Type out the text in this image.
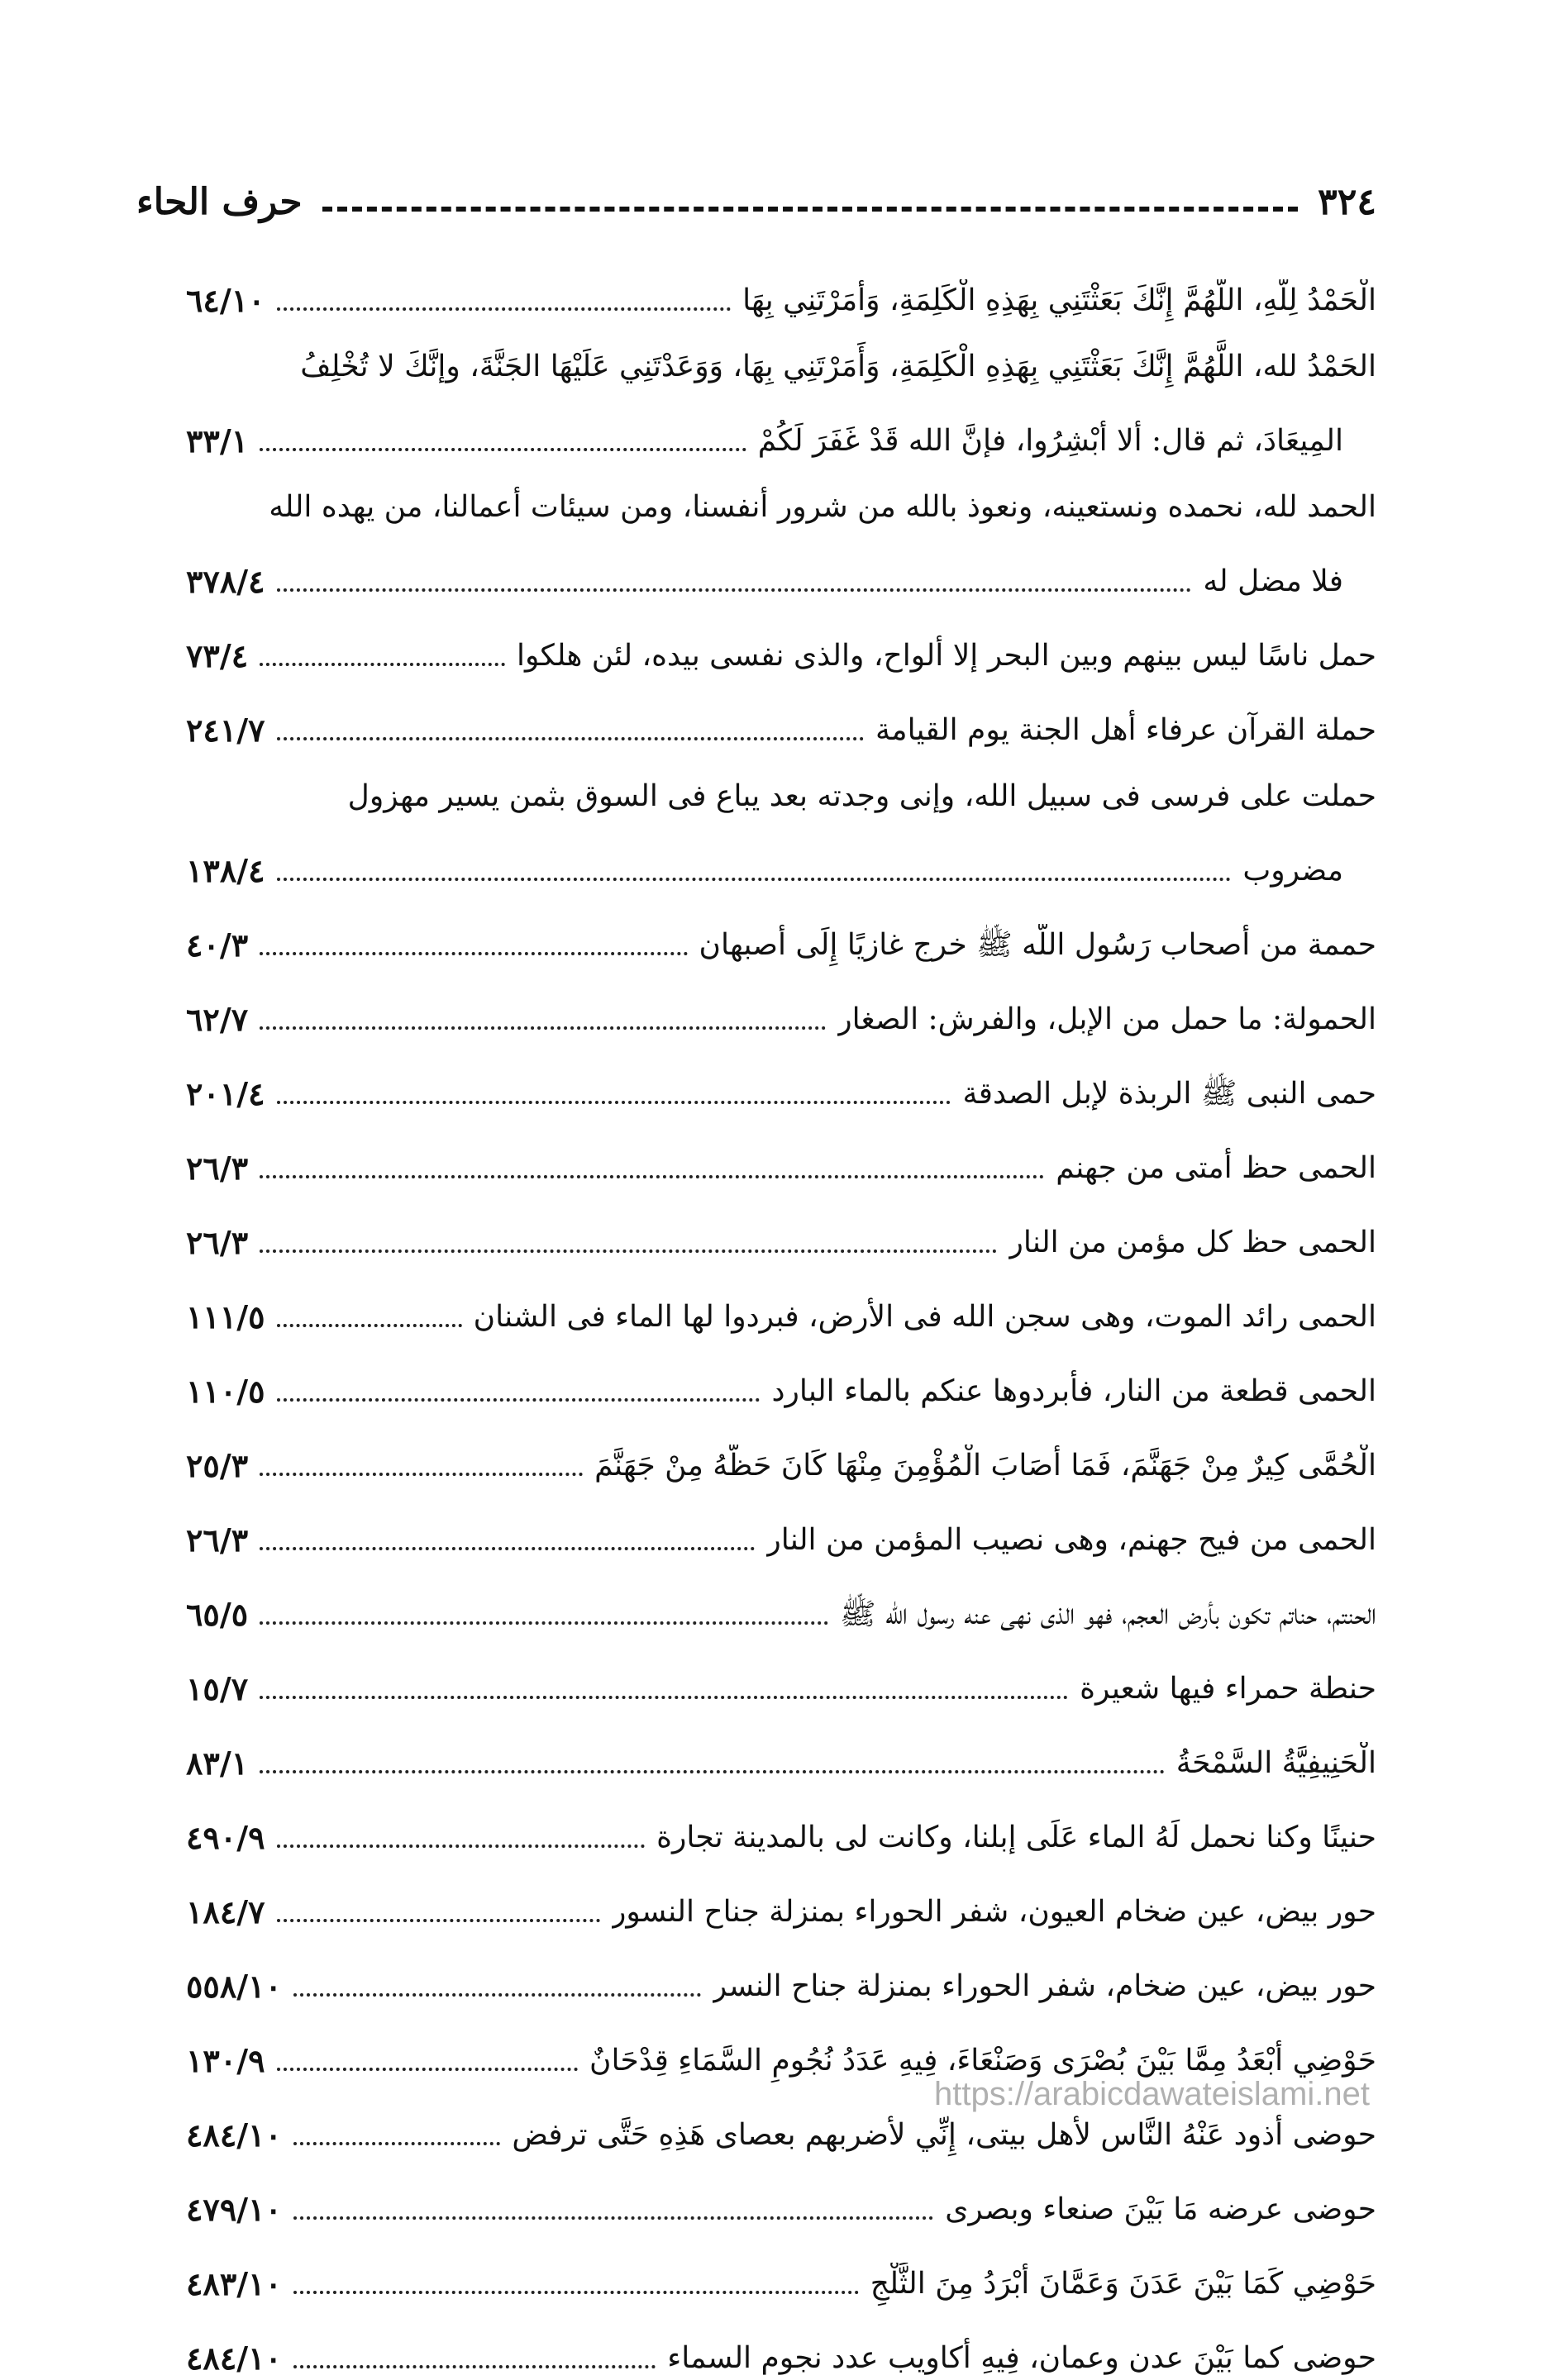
٣٢٤
حرف الحاء
الْحَمْدُ لِلَّهِ، اللَّهُمَّ إِنَّكَ بَعَثْتَنِي بِهَذِهِ الْكَلِمَةِ، وَأَمَرْتَنِي بِهَا
٦٤/١٠
الحَمْدُ لله، اللَّهُمَّ إِنَّكَ بَعَثْتَنِي بِهَذِهِ الْكَلِمَةِ، وَأَمَرْتَنِي بِهَا، وَوَعَدْتَنِي عَلَيْهَا الجَنَّةَ، وإنَّكَ لا تُخْلِفُ
المِيعَادَ، ثم قال: ألا أَبْشِرُوا، فإنَّ الله قَدْ غَفَرَ لَكُمْ
٣٣/١
الحمد لله، نحمده ونستعينه، ونعوذ بالله من شرور أنفسنا، ومن سيئات أعمالنا، من يهده الله
فلا مضل له
٣٧٨/٤
حمل ناسًا ليس بينهم وبين البحر إلا ألواح، والذى نفسى بيده، لئن هلكوا
٧٣/٤
حملة القرآن عرفاء أهل الجنة يوم القيامة
٢٤١/٧
حملت على فرسى فى سبيل الله، وإنى وجدته بعد يباع فى السوق بثمن يسير مهزول
مضروب
١٣٨/٤
حممة من أصحاب رَسُول اللَّه ﷺ خرج غازيًا إِلَى أصبهان
٤٠/٣
الحمولة: ما حمل من الإبل، والفرش: الصغار
٦٢/٧
حمى النبى ﷺ الربذة لإبل الصدقة
٢٠١/٤
الحمى حظ أمتى من جهنم
٢٦/٣
الحمى حظ كل مؤمن من النار
٢٦/٣
الحمى رائد الموت، وهى سجن الله فى الأرض، فبردوا لها الماء فى الشنان
١١١/٥
الحمى قطعة من النار، فأبردوها عنكم بالماء البارد
١١٠/٥
الْحُمَّى كِيرٌ مِنْ جَهَنَّمَ، فَمَا أَصَابَ الْمُؤْمِنَ مِنْهَا كَانَ حَظَّهُ مِنْ جَهَنَّمَ
٢٥/٣
الحمى من فيح جهنم، وهى نصيب المؤمن من النار
٢٦/٣
الحنتم، حناتم تكون بأرض العجم، فهو الذى نهى عنه رسول الله ﷺ
٦٥/٥
حنطة حمراء فيها شعيرة
١٥/٧
الْحَنِيفِيَّةُ السَّمْحَةُ
٨٣/١
حنينًا وكنا نحمل لَهُ الماء عَلَى إبلنا، وكانت لى بالمدينة تجارة
٤٩٠/٩
حور بيض، عين ضخام العيون، شفر الحوراء بمنزلة جناح النسور
١٨٤/٧
حور بيض، عين ضخام، شفر الحوراء بمنزلة جناح النسر
٥٥٨/١٠
حَوْضِي أَبْعَدُ مِمَّا بَيْنَ بُصْرَى وَصَنْعَاءَ، فِيهِ عَدَدُ نُجُومِ السَّمَاءِ قِدْحَانٌ
١٣٠/٩
حوضى أذود عَنْهُ النَّاس لأهل بيتى، إِنِّي لأضربهم بعصاى هَذِهِ حَتَّى ترفض
٤٨٤/١٠
حوضى عرضه مَا بَيْنَ صنعاء وبصرى
٤٧٩/١٠
حَوْضِي كَمَا بَيْنَ عَدَنَ وَعَمَّانَ أَبْرَدُ مِنَ الثَّلْجِ
٤٨٣/١٠
حوضى كما بَيْنَ عدن وعمان، فِيهِ أكاويب عدد نجوم السماء
٤٨٤/١٠
https://arabicdawateislami.net
